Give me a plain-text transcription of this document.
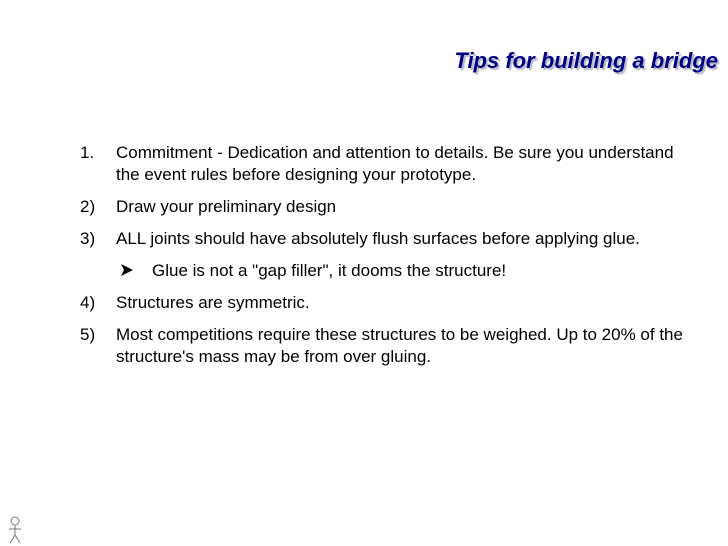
Tips for building a bridge
1. Commitment - Dedication and attention to details. Be sure you understand the event rules before designing your prototype.
2) Draw your preliminary design
3) ALL joints should have absolutely flush surfaces before applying glue.
Glue is not a "gap filler", it dooms the structure!
4) Structures are symmetric.
5) Most competitions require these structures to be weighed. Up to 20% of the structure's mass may be from over gluing.
